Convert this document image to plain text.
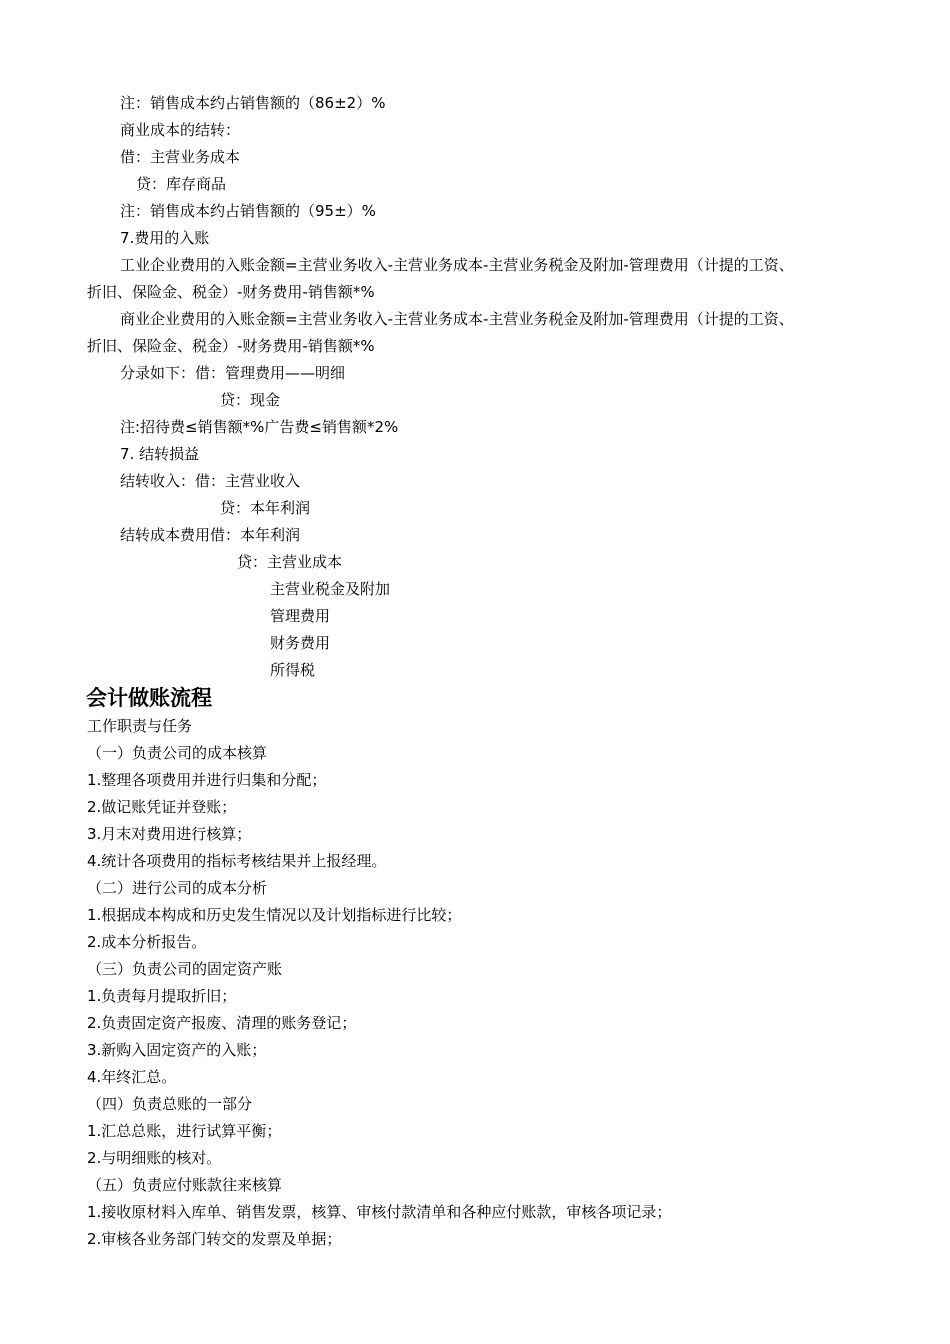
注：销售成本约占销售额的（86±2）%
商业成本的结转：
借：主营业务成本
贷：库存商品
注：销售成本约占销售额的（95±）%
7.费用的入账
工业企业费用的入账金额=主营业务收入-主营业务成本-主营业务税金及附加-管理费用（计提的工资、
折旧、保险金、税金）-财务费用-销售额*%
商业企业费用的入账金额=主营业务收入-主营业务成本-主营业务税金及附加-管理费用（计提的工资、
折旧、保险金、税金）-财务费用-销售额*%
分录如下：借：管理费用——明细
贷：现金
注:招待费≤销售额*%广告费≤销售额*2%
7. 结转损益
结转收入：借：主营业收入
贷：本年利润
结转成本费用借：本年利润
贷：主营业成本
主营业税金及附加
管理费用
财务费用
所得税
会计做账流程
工作职责与任务
（一）负责公司的成本核算
1.整理各项费用并进行归集和分配；
2.做记账凭证并登账；
3.月末对费用进行核算；
4.统计各项费用的指标考核结果并上报经理。
（二）进行公司的成本分析
1.根据成本构成和历史发生情况以及计划指标进行比较；
2.成本分析报告。
（三）负责公司的固定资产账
1.负责每月提取折旧；
2.负责固定资产报废、清理的账务登记；
3.新购入固定资产的入账；
4.年终汇总。
（四）负责总账的一部分
1.汇总总账，进行试算平衡；
2.与明细账的核对。
（五）负责应付账款往来核算
1.接收原材料入库单、销售发票，核算、审核付款清单和各种应付账款，审核各项记录；
2.审核各业务部门转交的发票及单据；
